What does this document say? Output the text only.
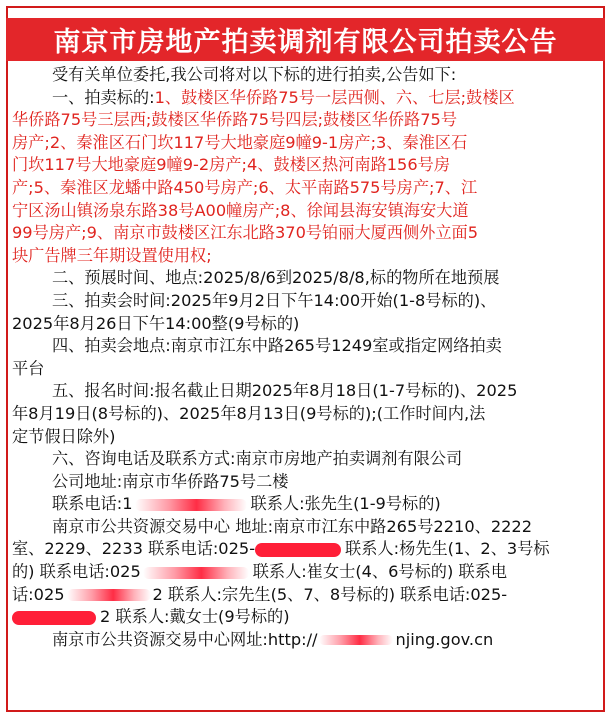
南京市房地产拍卖调剂有限公司拍卖公告
受有关单位委托,我公司将对以下标的进行拍卖,公告如下:
一、拍卖标的:1、鼓楼区华侨路75号一层西侧、六、七层;鼓楼区
华侨路75号三层西;鼓楼区华侨路75号四层;鼓楼区华侨路75号
房产;2、秦淮区石门坎117号大地豪庭9幢9-1房产;3、秦淮区石
门坎117号大地豪庭9幢9-2房产;4、鼓楼区热河南路156号房
产;5、秦淮区龙蟠中路450号房产;6、太平南路575号房产;7、江
宁区汤山镇汤泉东路38号A00幢房产;8、徐闻县海安镇海安大道
99号房产;9、南京市鼓楼区江东北路370号铂丽大厦西侧外立面5
块广告牌三年期设置使用权;
二、预展时间、地点:2025/8/6到2025/8/8,标的物所在地预展
三、拍卖会时间:2025年9月2日下午14:00开始(1-8号标的)、
2025年8月26日下午14:00整(9号标的)
四、拍卖会地点:南京市江东中路265号1249室或指定网络拍卖
平台
五、报名时间:报名截止日期2025年8月18日(1-7号标的)、2025
年8月19日(8号标的)、2025年8月13日(9号标的);(工作时间内,法
定节假日除外)
六、咨询电话及联系方式:南京市房地产拍卖调剂有限公司
公司地址:南京市华侨路75号二楼
联系电话:1	联系人:张先生(1-9号标的)
南京市公共资源交易中心 地址:南京市江东中路265号2210、2222
室、2229、2233 联系电话:025-	联系人:杨先生(1、2、3号标
的) 联系电话:025	联系人:崔女士(4、6号标的) 联系电
话:025	2 联系人:宗先生(5、7、8号标的) 联系电话:025-
2 联系人:戴女士(9号标的)
南京市公共资源交易中心网址:http://	njing.gov.cn
